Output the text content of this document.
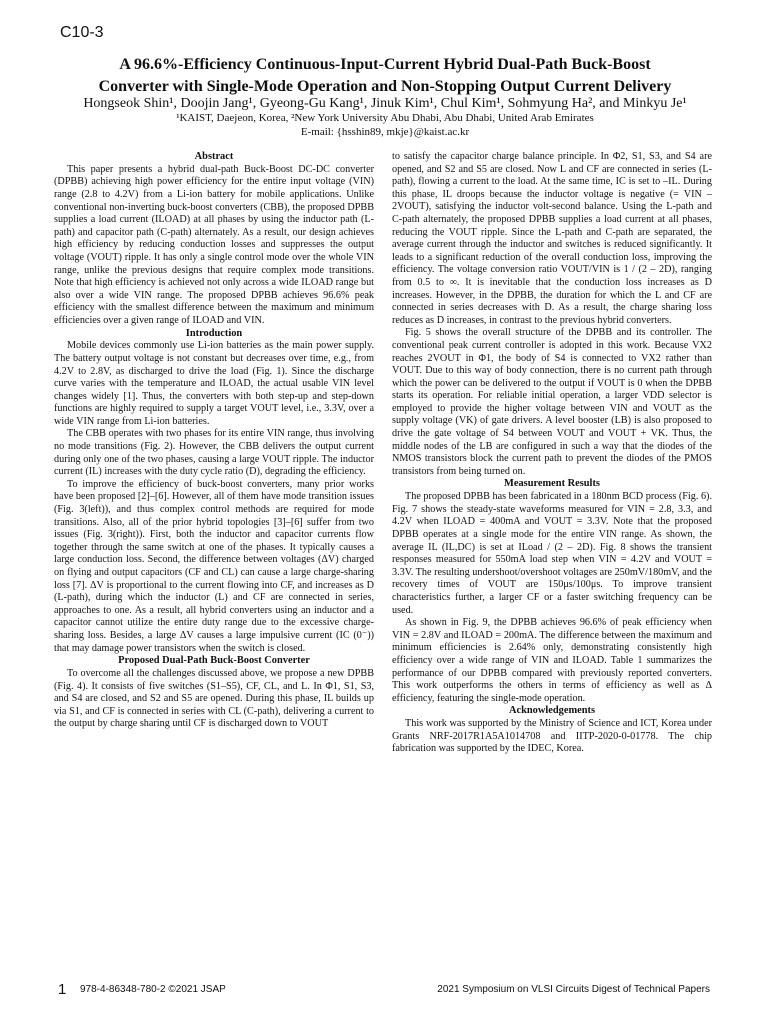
C10-3
A 96.6%-Efficiency Continuous-Input-Current Hybrid Dual-Path Buck-Boost
Converter with Single-Mode Operation and Non-Stopping Output Current Delivery
Hongseok Shin¹, Doojin Jang¹, Gyeong-Gu Kang¹, Jinuk Kim¹, Chul Kim¹, Sohmyung Ha², and Minkyu Je¹
¹KAIST, Daejeon, Korea, ²New York University Abu Dhabi, Abu Dhabi, United Arab Emirates
E-mail: {hsshin89, mkje}@kaist.ac.kr
Abstract

This paper presents a hybrid dual-path Buck-Boost DC-DC converter (DPBB) achieving high power efficiency for the entire input voltage (VIN) range (2.8 to 4.2V) from a Li-ion battery for mobile applications. Unlike conventional non-inverting buck-boost converters (CBB), the proposed DPBB supplies a load current (ILOAD) at all phases by using the inductor path (L-path) and capacitor path (C-path) alternately. As a result, our design achieves high efficiency by reducing conduction losses and suppresses the output voltage (VOUT) ripple. It has only a single control mode over the whole VIN range, unlike the previous designs that require complex mode transitions. Note that high efficiency is achieved not only across a wide ILOAD range but also over a wide VIN range. The proposed DPBB achieves 96.6% peak efficiency with the smallest difference between the maximum and minimum efficiencies over a given range of ILOAD and VIN.

Introduction

Mobile devices commonly use Li-ion batteries as the main power supply. The battery output voltage is not constant but decreases over time, e.g., from 4.2V to 2.8V, as discharged to drive the load (Fig. 1). Since the discharge curve varies with the temperature and ILOAD, the actual usable VIN level changes widely [1]. Thus, the converters with both step-up and step-down functions are highly required to supply a target VOUT level, i.e., 3.3V, over a wide VIN range from Li-ion batteries.

The CBB operates with two phases for its entire VIN range, thus involving no mode transitions (Fig. 2). However, the CBB delivers the output current during only one of the two phases, causing a large VOUT ripple. The inductor current (IL) increases with the duty cycle ratio (D), degrading the efficiency.

To improve the efficiency of buck-boost converters, many prior works have been proposed [2]–[6]. However, all of them have mode transition issues (Fig. 3(left)), and thus complex control methods are required for mode transitions. Also, all of the prior hybrid topologies [3]–[6] suffer from two issues (Fig. 3(right)). First, both the inductor and capacitor currents flow together through the same switch at one of the phases. It typically causes a large conduction loss. Second, the difference between voltages (ΔV) charged on flying and output capacitors (CF and CL) can cause a large charge-sharing loss [7]. ΔV is proportional to the current flowing into CF, and increases as D (L-path), during which the inductor (L) and CF are connected in series, approaches to one. As a result, all hybrid converters using an inductor and a capacitor cannot utilize the entire duty range due to the excessive charge-sharing loss. Besides, a large ΔV causes a large impulsive current (IC (0⁻)) that may damage power transistors when the switch is closed.

Proposed Dual-Path Buck-Boost Converter

To overcome all the challenges discussed above, we propose a new DPBB (Fig. 4). It consists of five switches (S1–S5), CF, CL, and L. In Φ1, S1, S3, and S4 are closed, and S2 and S5 are opened. During this phase, IL builds up via S1, and CF is connected in series with CL (C-path), delivering a current to the output by charge sharing until CF is discharged down to VOUT

to satisfy the capacitor charge balance principle. In Φ2, S1, S3, and S4 are opened, and S2 and S5 are closed. Now L and CF are connected in series (L-path), flowing a current to the load. At the same time, IC is set to –IL. During this phase, IL droops because the inductor voltage is negative (= VIN – 2VOUT), satisfying the inductor volt-second balance. Using the L-path and C-path alternately, the proposed DPBB supplies a load current at all phases, reducing the VOUT ripple. Since the L-path and C-path are separated, the average current through the inductor and switches is reduced significantly. It leads to a significant reduction of the overall conduction loss, improving the efficiency. The voltage conversion ratio VOUT/VIN is 1 / (2 – 2D), ranging from 0.5 to ∞. It is inevitable that the conduction loss increases as D increases. However, in the DPBB, the duration for which the L and CF are connected in series decreases with D. As a result, the charge sharing loss reduces as D increases, in contrast to the previous hybrid converters.

Fig. 5 shows the overall structure of the DPBB and its controller. The conventional peak current controller is adopted in this work. Because VX2 reaches 2VOUT in Φ1, the body of S4 is connected to VX2 rather than VOUT. Due to this way of body connection, there is no current path through which the power can be delivered to the output if VOUT is 0 when the DPBB starts its operation. For reliable initial operation, a larger VDD selector is employed to provide the higher voltage between VIN and VOUT as the supply voltage (VK) of gate drivers. A level booster (LB) is also proposed to drive the gate voltage of S4 between VOUT and VOUT + VK. Thus, the middle nodes of the LB are configured in such a way that the diodes of the NMOS transistors block the current path to prevent the diodes of the PMOS transistors from being turned on.

Measurement Results

The proposed DPBB has been fabricated in a 180nm BCD process (Fig. 6). Fig. 7 shows the steady-state waveforms measured for VIN = 2.8, 3.3, and 4.2V when ILOAD = 400mA and VOUT = 3.3V. Note that the proposed DPBB operates at a single mode for the entire VIN range. As shown, the average IL (IL,DC) is set at ILoad / (2 – 2D). Fig. 8 shows the transient responses measured for 550mA load step when VIN = 4.2V and VOUT = 3.3V. The resulting undershoot/overshoot voltages are 250mV/180mV, and the recovery times of VOUT are 150μs/100μs. To improve transient characteristics further, a larger CF or a faster switching frequency can be used.

As shown in Fig. 9, the DPBB achieves 96.6% of peak efficiency when VIN = 2.8V and ILOAD = 200mA. The difference between the maximum and minimum efficiencies is 2.64% only, demonstrating consistently high efficiency over a wide range of VIN and ILOAD. Table 1 summarizes the performance of our DPBB compared with previously reported converters. This work outperforms the others in terms of efficiency as well as Δ efficiency, featuring the single-mode operation.

Acknowledgements

This work was supported by the Ministry of Science and ICT, Korea under Grants NRF-2017R1A5A1014708 and IITP-2020-0-01778. The chip fabrication was supported by the IDEC, Korea.

1 978-4-86348-780-2 ©2021 JSAP	2021 Symposium on VLSI Circuits Digest of Technical Papers
